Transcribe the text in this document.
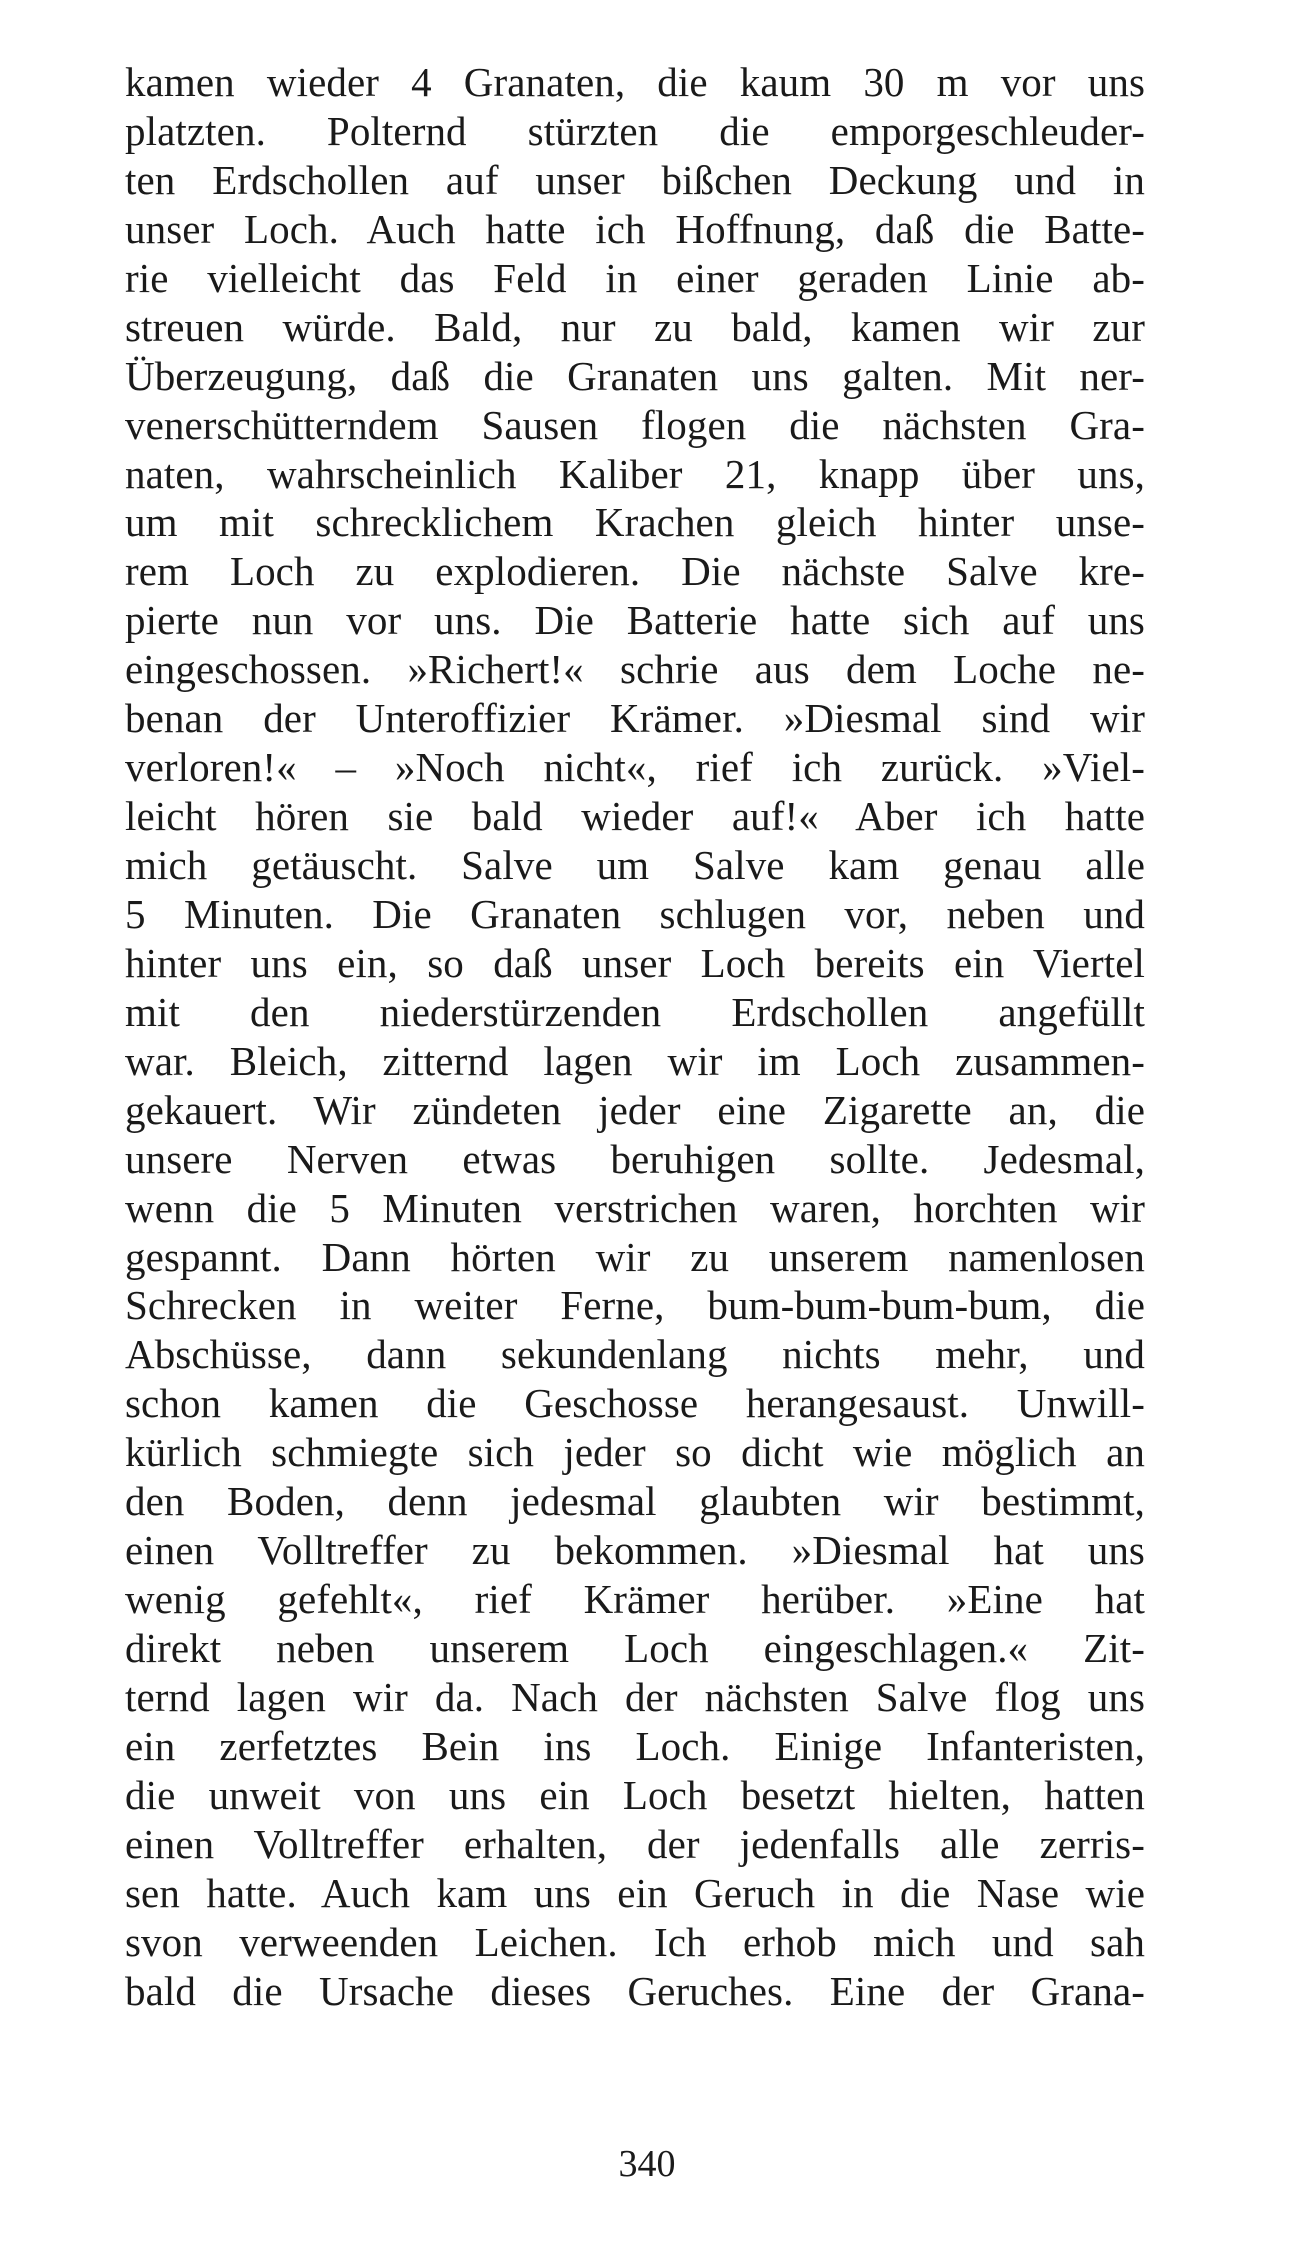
kamen wieder 4 Granaten, die kaum 30 m vor uns
platzten. Polternd stürzten die emporgeschleuder-
ten Erdschollen auf unser bißchen Deckung und in
unser Loch. Auch hatte ich Hoffnung, daß die Batte-
rie vielleicht das Feld in einer geraden Linie ab-
streuen würde. Bald, nur zu bald, kamen wir zur
Überzeugung, daß die Granaten uns galten. Mit ner-
venerschütterndem Sausen flogen die nächsten Gra-
naten, wahrscheinlich Kaliber 21, knapp über uns,
um mit schrecklichem Krachen gleich hinter unse-
rem Loch zu explodieren. Die nächste Salve kre-
pierte nun vor uns. Die Batterie hatte sich auf uns
eingeschossen. »Richert!« schrie aus dem Loche ne-
benan der Unteroffizier Krämer. »Diesmal sind wir
verloren!« – »Noch nicht«, rief ich zurück. »Viel-
leicht hören sie bald wieder auf!« Aber ich hatte
mich getäuscht. Salve um Salve kam genau alle
5 Minuten. Die Granaten schlugen vor, neben und
hinter uns ein, so daß unser Loch bereits ein Viertel
mit den niederstürzenden Erdschollen angefüllt
war. Bleich, zitternd lagen wir im Loch zusammen-
gekauert. Wir zündeten jeder eine Zigarette an, die
unsere Nerven etwas beruhigen sollte. Jedesmal,
wenn die 5 Minuten verstrichen waren, horchten wir
gespannt. Dann hörten wir zu unserem namenlosen
Schrecken in weiter Ferne, bum-bum-bum-bum, die
Abschüsse, dann sekundenlang nichts mehr, und
schon kamen die Geschosse herangesaust. Unwill-
kürlich schmiegte sich jeder so dicht wie möglich an
den Boden, denn jedesmal glaubten wir bestimmt,
einen Volltreffer zu bekommen. »Diesmal hat uns
wenig gefehlt«, rief Krämer herüber. »Eine hat
direkt neben unserem Loch eingeschlagen.« Zit-
ternd lagen wir da. Nach der nächsten Salve flog uns
ein zerfetztes Bein ins Loch. Einige Infanteristen,
die unweit von uns ein Loch besetzt hielten, hatten
einen Volltreffer erhalten, der jedenfalls alle zerris-
sen hatte. Auch kam uns ein Geruch in die Nase wie
svon verweenden Leichen. Ich erhob mich und sah
bald die Ursache dieses Geruches. Eine der Grana-
340
